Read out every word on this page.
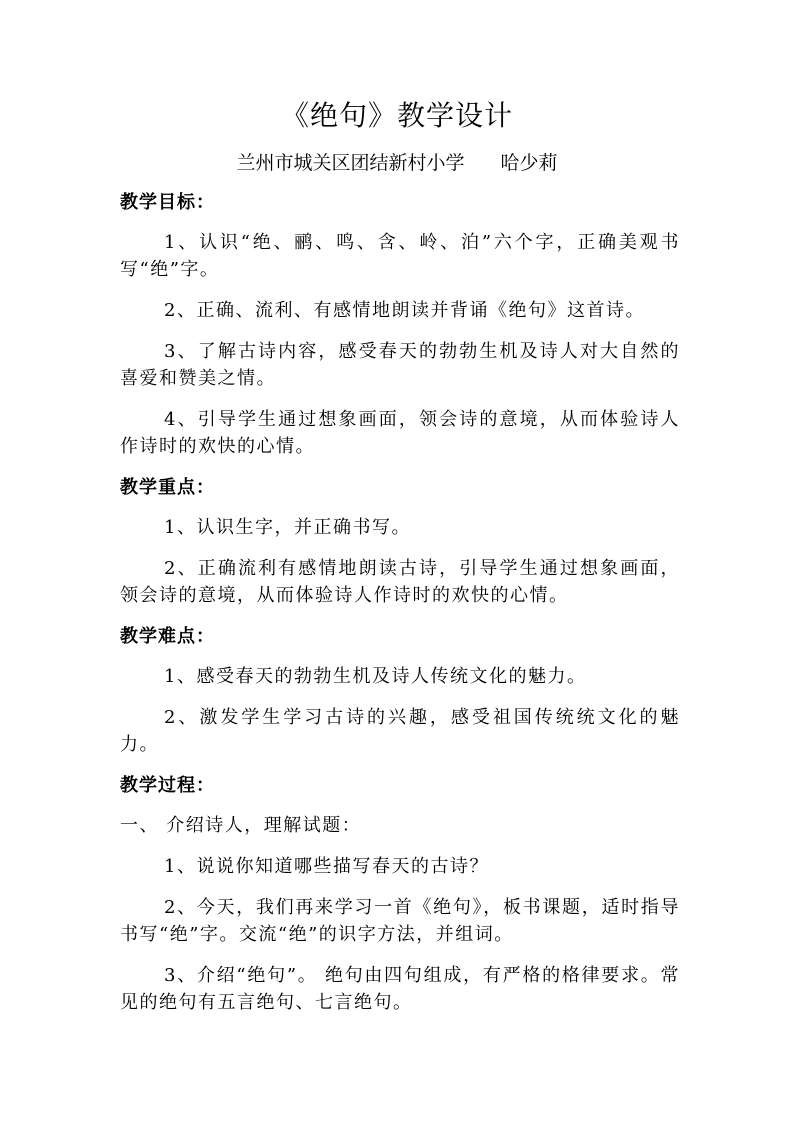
《绝句》教学设计
兰州市城关区团结新村小学 哈少莉

教学目标：

1、认识“绝、鹂、鸣、含、岭、泊”六个字，正确美观书写“绝”字。

2、正确、流利、有感情地朗读并背诵《绝句》这首诗。

3、了解古诗内容，感受春天的勃勃生机及诗人对大自然的喜爱和赞美之情。

4、引导学生通过想象画面，领会诗的意境，从而体验诗人作诗时的欢快的心情。

教学重点：

1、认识生字，并正确书写。

2、正确流利有感情地朗读古诗，引导学生通过想象画面，领会诗的意境，从而体验诗人作诗时的欢快的心情。

教学难点：

1、感受春天的勃勃生机及诗人传统文化的魅力。

2、激发学生学习古诗的兴趣，感受祖国传统统文化的魅力。

教学过程：

一、 介绍诗人，理解试题：

1、说说你知道哪些描写春天的古诗？

2、今天，我们再来学习一首《绝句》，板书课题，适时指导书写“绝”字。交流“绝”的识字方法，并组词。

3、介绍“绝句”。 绝句由四句组成，有严格的格律要求。常见的绝句有五言绝句、七言绝句。
